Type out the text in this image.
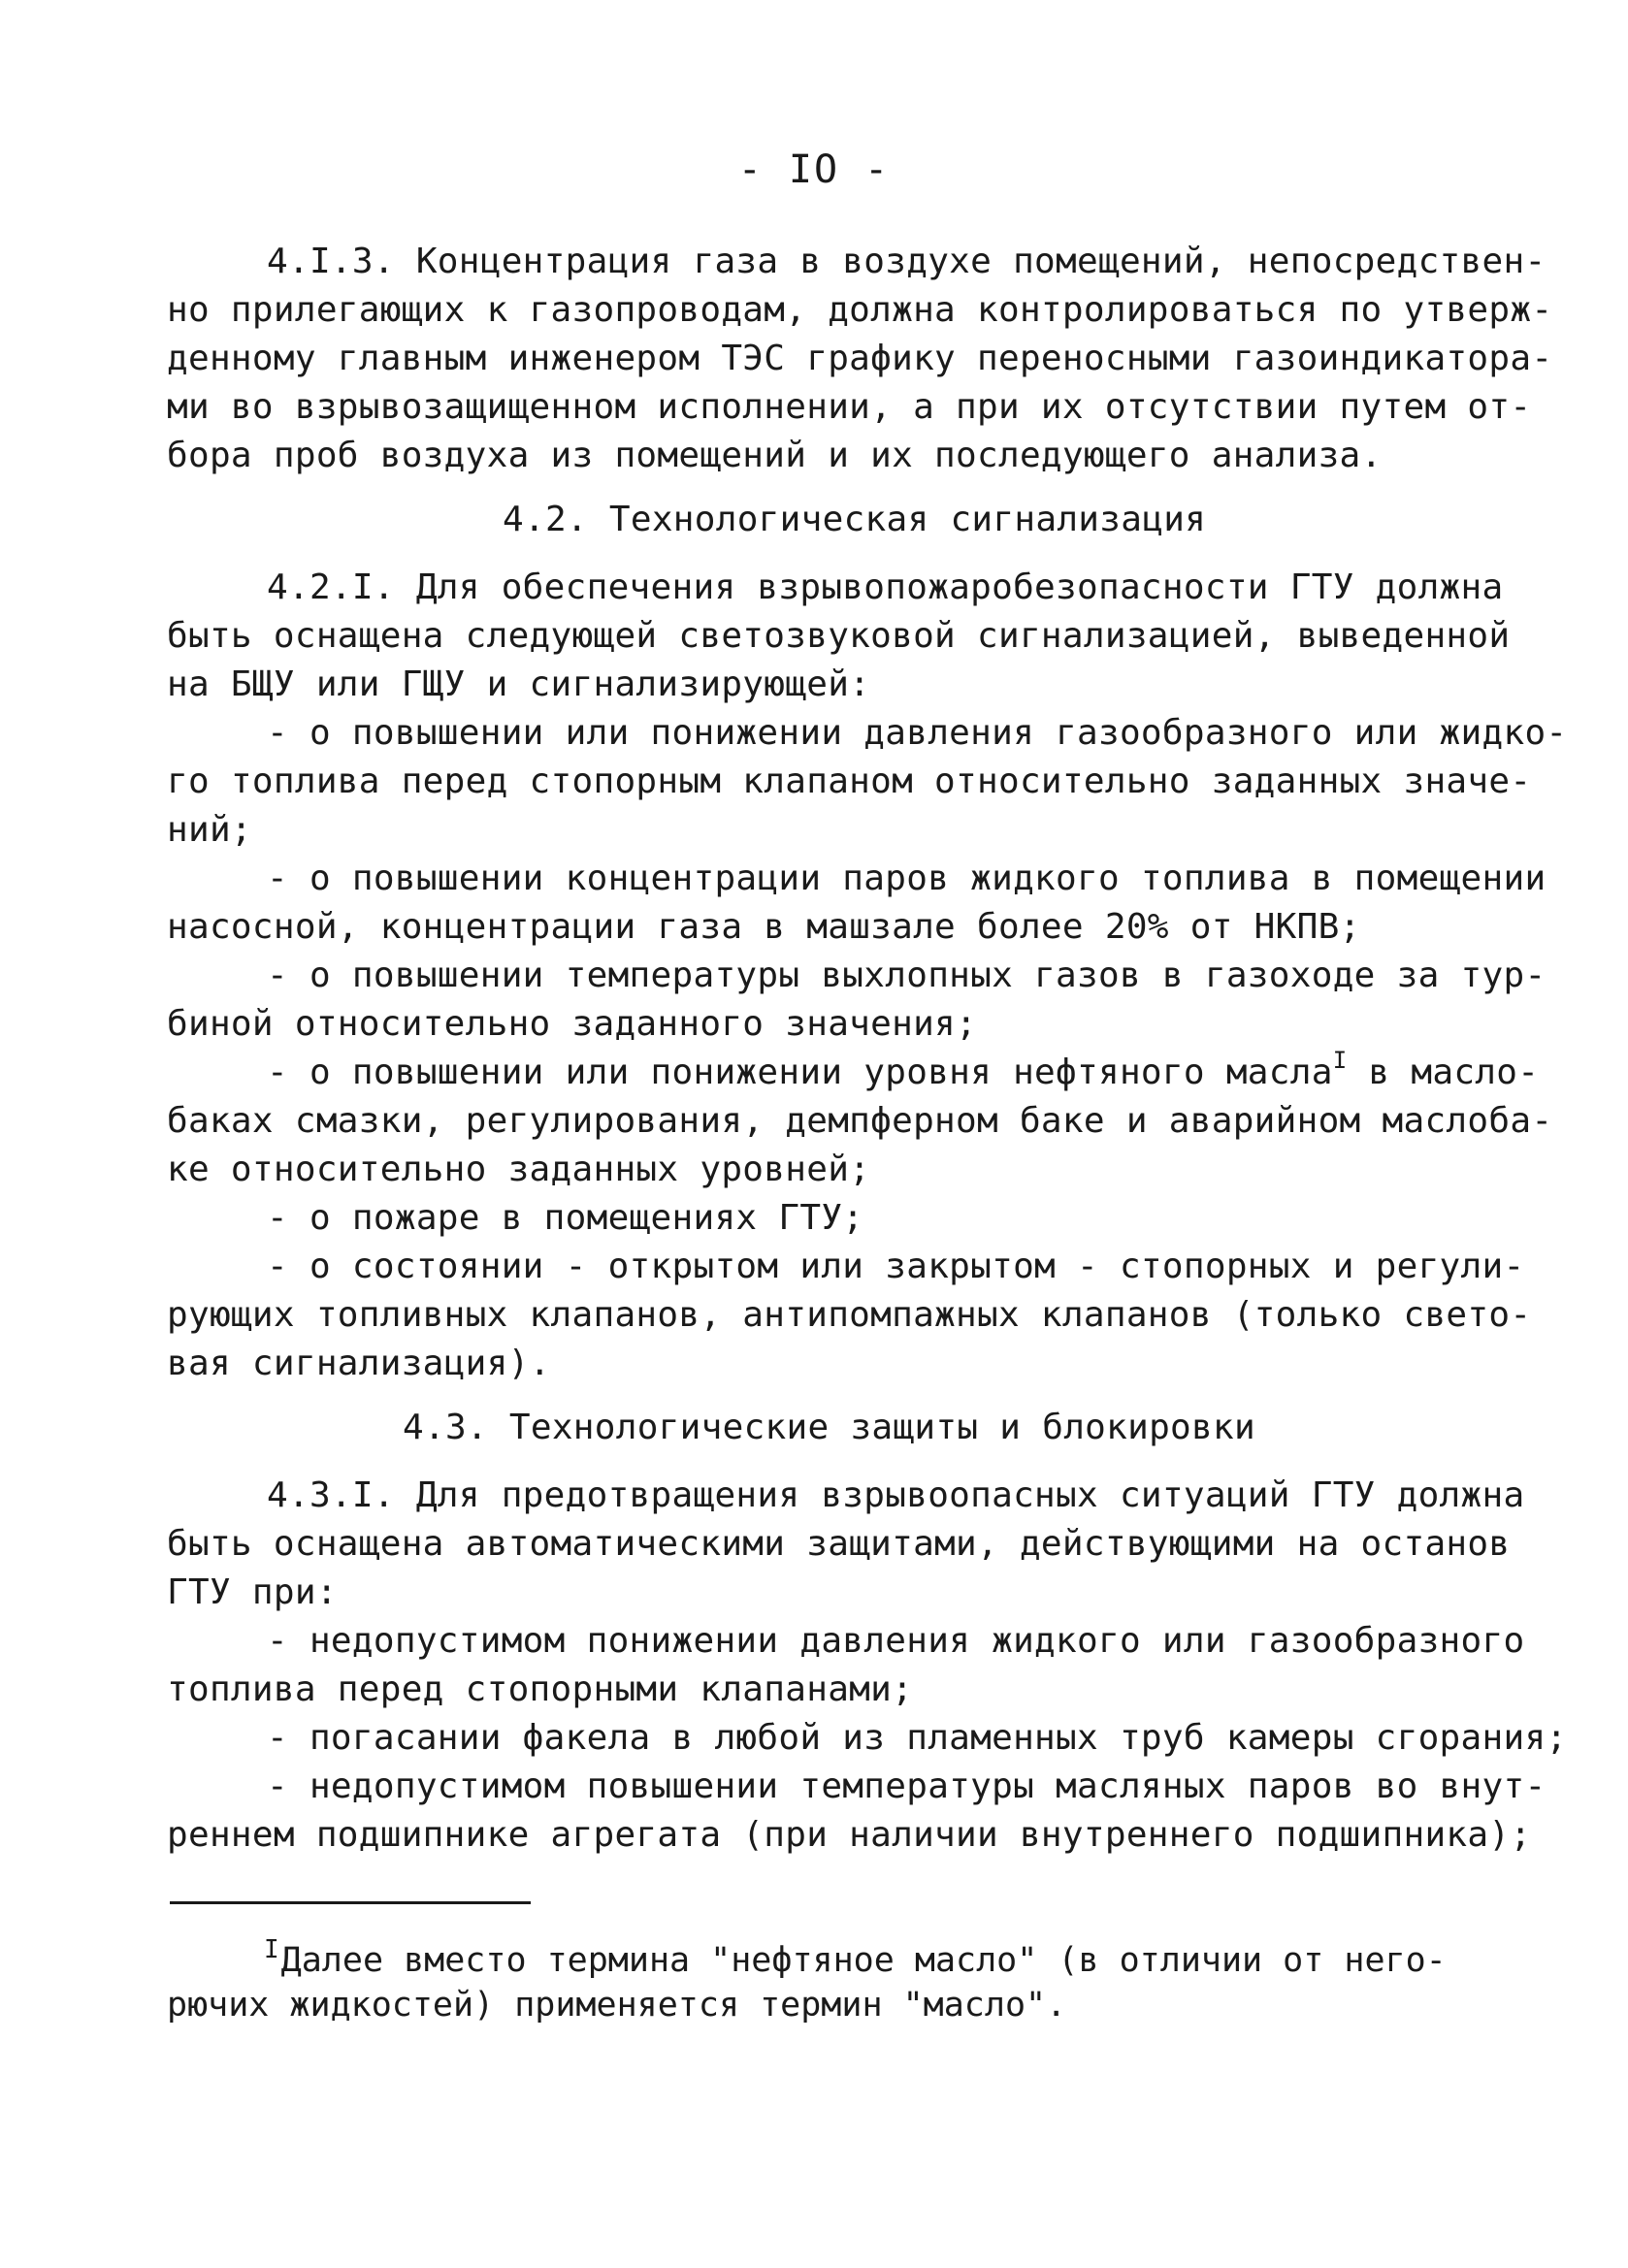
- IO -
4.I.3. Концентрация газа в воздухе помещений, непосредствен-
но прилегающих к газопроводам, должна контролироваться по утверж-
денному главным инженером ТЭС графику переносными газоиндикатора-
ми во взрывозащищенном исполнении, а при их отсутствии путем от-
бора проб воздуха из помещений и их последующего анализа.
4.2. Технологическая сигнализация
4.2.I. Для обеспечения взрывопожаробезопасности ГТУ должна
быть оснащена следующей светозвуковой сигнализацией, выведенной
на БЩУ или ГЩУ и сигнализирующей:
- о повышении или понижении давления газообразного или жидко-
го топлива перед стопорным клапаном относительно заданных значе-
ний;
- о повышении концентрации паров жидкого топлива в помещении
насосной, концентрации газа в машзале более 20% от НКПВ;
- о повышении температуры выхлопных газов в газоходе за тур-
биной относительно заданного значения;
- о повышении или понижении уровня нефтяного маслаI в масло-
баках смазки, регулирования, демпферном баке и аварийном маслоба-
ке относительно заданных уровней;
- о пожаре в помещениях ГТУ;
- о состоянии - открытом или закрытом - стопорных и регули-
рующих топливных клапанов, антипомпажных клапанов (только свето-
вая сигнализация).
4.3. Технологические защиты и блокировки
4.3.I. Для предотвращения взрывоопасных ситуаций ГТУ должна
быть оснащена автоматическими защитами, действующими на останов
ГТУ при:
- недопустимом понижении давления жидкого или газообразного
топлива перед стопорными клапанами;
- погасании факела в любой из пламенных труб камеры сгорания;
- недопустимом повышении температуры масляных паров во внут-
реннем подшипнике агрегата (при наличии внутреннего подшипника);
IДалее вместо термина "нефтяное масло" (в отличии от него-
рючих жидкостей) применяется термин "масло".
